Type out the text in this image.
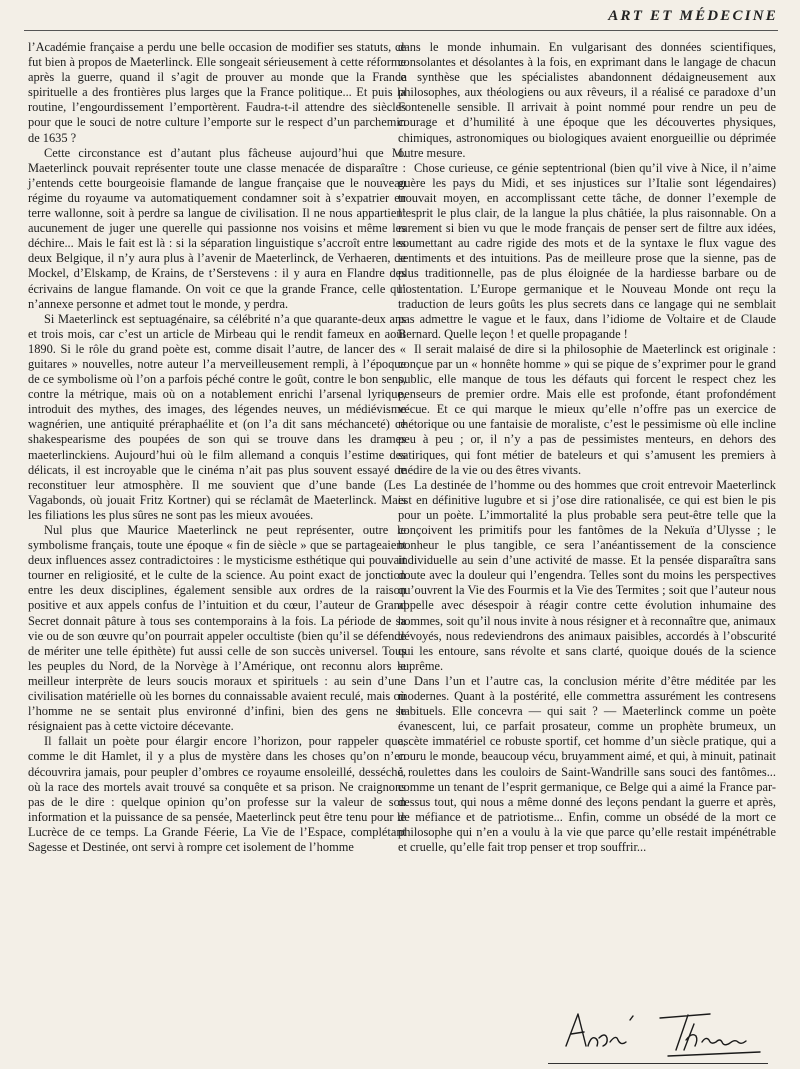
ART ET MÉDECINE

l’Académie française a perdu une belle occasion de modifier ses statuts, ce fut bien à propos de Maeterlinck. Elle songeait sérieusement à cette réforme après la guerre, quand il s’agit de prouver au monde que la France spirituelle a des frontières plus larges que la France politique... Et puis la routine, l’engourdissement l’emportèrent. Faudra-t-il attendre des siècles pour que le souci de notre culture l’emporte sur le respect d’un parchemin de 1635 ?

Cette circonstance est d’autant plus fâcheuse aujourd’hui que M. Maeterlinck pouvait représenter toute une classe menacée de disparaître : j’entends cette bourgeoisie flamande de langue française que le nouveau régime du royaume va automatiquement condamner soit à s’expatrier en terre wallonne, soit à perdre sa langue de civilisation. Il ne nous appartient aucunement de juger une querelle qui passionne nos voisins et même les déchire... Mais le fait est là : si la séparation linguistique s’accroît entre les deux Belgique, il n’y aura plus à l’avenir de Maeterlinck, de Verhaeren, de Mockel, d’Elskamp, de Krains, de t’Serstevens : il y aura en Flandre des écrivains de langue flamande. On voit ce que la grande France, celle qui n’annexe personne et admet tout le monde, y perdra.

Si Maeterlinck est septuagénaire, sa célébrité n’a que quarante-deux ans et trois mois, car c’est un article de Mirbeau qui le rendit fameux en août 1890. Si le rôle du grand poète est, comme disait l’autre, de lancer des « guitares » nouvelles, notre auteur l’a merveilleusement rempli, à l’époque de ce symbolisme où l’on a parfois péché contre le goût, contre le bon sens, contre la métrique, mais où on a notablement enrichi l’arsenal lyrique, introduit des mythes, des images, des légendes neuves, un médiévisme wagnérien, une antiquité préraphaélite et (on l’a dit sans méchanceté) ce shakespearisme des poupées de son qui se trouve dans les drames maeterlinckiens. Aujourd’hui où le film allemand a conquis l’estime des délicats, il est incroyable que le cinéma n’ait pas plus souvent essayé de reconstituer leur atmosphère. Il me souvient que d’une bande (Les Vagabonds, où jouait Fritz Kortner) qui se réclamât de Maeterlinck. Mais les filiations les plus sûres ne sont pas les mieux avouées.

Nul plus que Maurice Maeterlinck ne peut représenter, outre le symbolisme français, toute une époque « fin de siècle » que se partageaient deux influences assez contradictoires : le mysticisme esthétique qui pouvait tourner en religiosité, et le culte de la science. Au point exact de jonction entre les deux disciplines, également sensible aux ordres de la raison positive et aux appels confus de l’intuition et du cœur, l’auteur de Grand Secret donnait pâture à tous ses contemporains à la fois. La période de sa vie ou de son œuvre qu’on pourrait appeler occultiste (bien qu’il se défende de mériter une telle épithète) fut aussi celle de son succès universel. Tous les peuples du Nord, de la Norvège à l’Amérique, ont reconnu alors le meilleur interprète de leurs soucis moraux et spirituels : au sein d’une civilisation matérielle où les bornes du connaissable avaient reculé, mais où l’homme ne se sentait plus environné d’infini, bien des gens ne se résignaient pas à cette victoire décevante.

Il fallait un poète pour élargir encore l’horizon, pour rappeler que, comme le dit Hamlet, il y a plus de mystère dans les choses qu’on n’en découvrira jamais, pour peupler d’ombres ce royaume ensoleillé, desséché, où la race des mortels avait trouvé sa conquête et sa prison. Ne craignons pas de le dire : quelque opinion qu’on professe sur la valeur de son information et la puissance de sa pensée, Maeterlinck peut être tenu pour le Lucrèce de ce temps. La Grande Féerie, La Vie de l’Espace, complétant Sagesse et Destinée, ont servi à rompre cet isolement de l’homme

dans le monde inhumain. En vulgarisant des données scientifiques, consolantes et désolantes à la fois, en exprimant dans le langage de chacun la synthèse que les spécialistes abandonnent dédaigneusement aux philosophes, aux théologiens ou aux rêveurs, il a réalisé ce paradoxe d’un Fontenelle sensible. Il arrivait à point nommé pour rendre un peu de courage et d’humilité à une époque que les découvertes physiques, chimiques, astronomiques ou biologiques avaient enorgueillie ou déprimée outre mesure.

Chose curieuse, ce génie septentrional (bien qu’il vive à Nice, il n’aime guère les pays du Midi, et ses injustices sur l’Italie sont légendaires) trouvait moyen, en accomplissant cette tâche, de donner l’exemple de l’esprit le plus clair, de la langue la plus châtiée, la plus raisonnable. On a rarement si bien vu que le mode français de penser sert de filtre aux idées, soumettant au cadre rigide des mots et de la syntaxe le flux vague des sentiments et des intuitions. Pas de meilleure prose que la sienne, pas de plus traditionnelle, pas de plus éloignée de la hardiesse barbare ou de l’ostentation. L’Europe germanique et le Nouveau Monde ont reçu la traduction de leurs goûts les plus secrets dans ce langage qui ne semblait pas admettre le vague et le faux, dans l’idiome de Voltaire et de Claude Bernard. Quelle leçon ! et quelle propagande !

Il serait malaisé de dire si la philosophie de Maeterlinck est originale : conçue par un « honnête homme » qui se pique de s’exprimer pour le grand public, elle manque de tous les défauts qui forcent le respect chez les penseurs de premier ordre. Mais elle est profonde, étant profondément vécue. Et ce qui marque le mieux qu’elle n’offre pas un exercice de rhétorique ou une fantaisie de moraliste, c’est le pessimisme où elle incline peu à peu ; or, il n’y a pas de pessimistes menteurs, en dehors des satiriques, qui font métier de bateleurs et qui s’amusent les premiers à médire de la vie ou des êtres vivants.

La destinée de l’homme ou des hommes que croit entrevoir Maeterlinck est en définitive lugubre et si j’ose dire rationalisée, ce qui est bien le pis pour un poète. L’immortalité la plus probable sera peut-être telle que la conçoivent les primitifs pour les fantômes de la Nekuïa d’Ulysse ; le bonheur le plus tangible, ce sera l’anéantissement de la conscience individuelle au sein d’une activité de masse. Et la pensée disparaîtra sans doute avec la douleur qui l’engendra. Telles sont du moins les perspectives qu’ouvrent la Vie des Fourmis et la Vie des Termites ; soit que l’auteur nous appelle avec désespoir à réagir contre cette évolution inhumaine des hommes, soit qu’il nous invite à nous résigner et à reconnaître que, animaux dévoyés, nous redeviendrons des animaux paisibles, accordés à l’obscurité qui les entoure, sans révolte et sans clarté, quoique doués de la science suprême.

Dans l’un et l’autre cas, la conclusion mérite d’être méditée par les modernes. Quant à la postérité, elle commettra assurément les contresens habituels. Elle concevra — qui sait ? — Maeterlinck comme un poète évanescent, lui, ce parfait prosateur, comme un prophète brumeux, un ascète immatériel ce robuste sportif, cet homme d’un siècle pratique, qui a couru le monde, beaucoup vécu, bruyamment aimé, et qui, à minuit, patinait à roulettes dans les couloirs de Saint-Wandrille sans souci des fantômes... comme un tenant de l’esprit germanique, ce Belge qui a aimé la France par-dessus tout, qui nous a même donné des leçons pendant la guerre et après, de méfiance et de patriotisme... Enfin, comme un obsédé de la mort ce philosophe qui n’en a voulu à la vie que parce qu’elle restait impénétrable et cruelle, qu’elle fait trop penser et trop souffrir...
